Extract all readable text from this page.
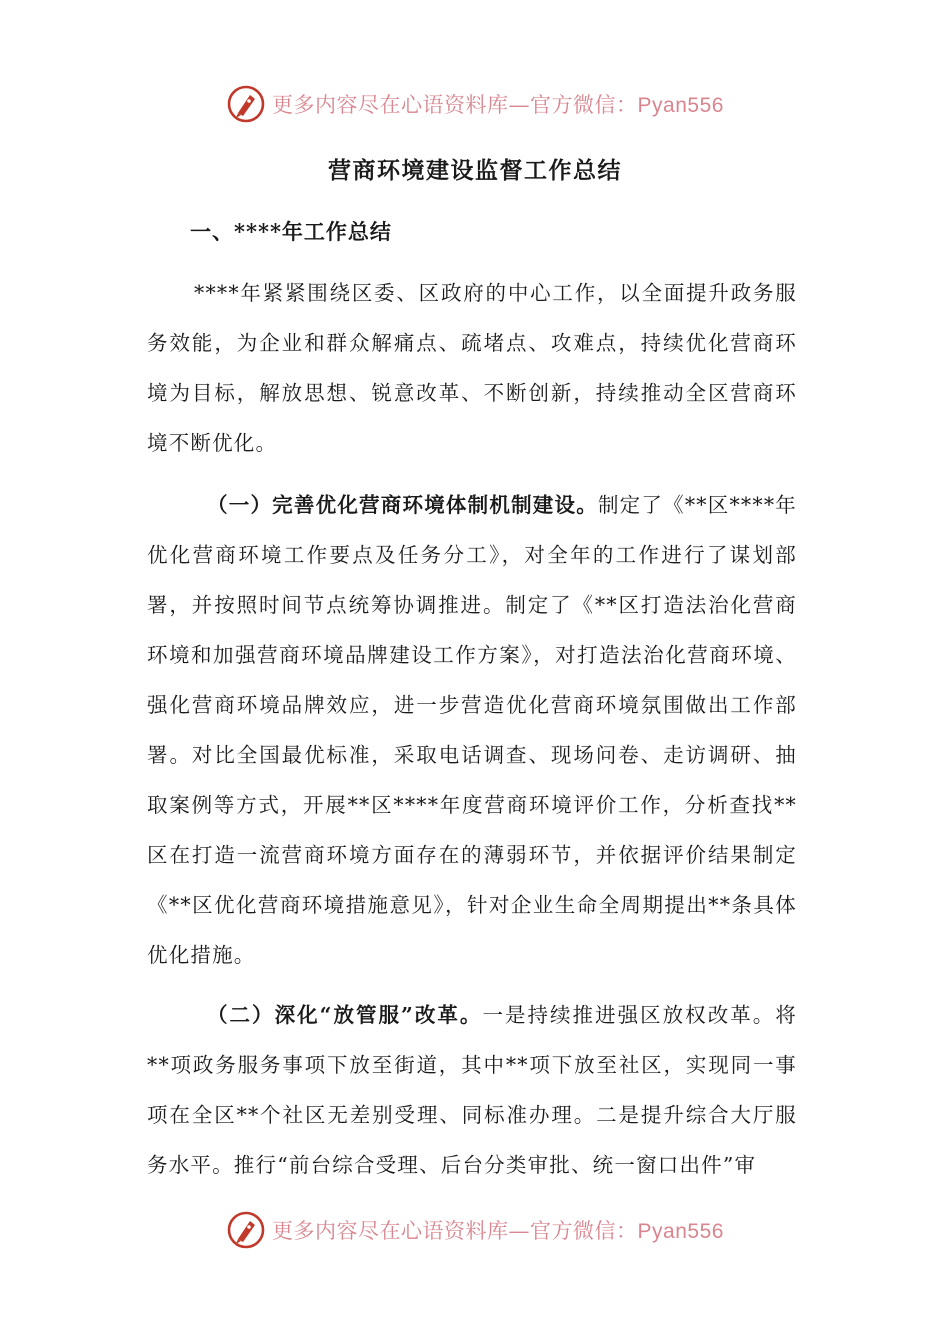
更多内容尽在心语资料库—官方微信：Pyan556
营商环境建设监督工作总结
一、****年工作总结

****年紧紧围绕区委、区政府的中心工作，以全面提升政务服务效能，为企业和群众解痛点、疏堵点、攻难点，持续优化营商环境为目标，解放思想、锐意改革、不断创新，持续推动全区营商环境不断优化。

（一）完善优化营商环境体制机制建设。制定了《**区****年优化营商环境工作要点及任务分工》，对全年的工作进行了谋划部署，并按照时间节点统筹协调推进。制定了《**区打造法治化营商环境和加强营商环境品牌建设工作方案》，对打造法治化营商环境、强化营商环境品牌效应，进一步营造优化营商环境氛围做出工作部署。对比全国最优标准，采取电话调查、现场问卷、走访调研、抽取案例等方式，开展**区****年度营商环境评价工作，分析查找**区在打造一流营商环境方面存在的薄弱环节，并依据评价结果制定《**区优化营商环境措施意见》，针对企业生命全周期提出**条具体优化措施。

（二）深化“放管服”改革。一是持续推进强区放权改革。将**项政务服务事项下放至街道，其中**项下放至社区，实现同一事项在全区**个社区无差别受理、同标准办理。二是提升综合大厅服务水平。推行“前台综合受理、后台分类审批、统一窗口出件”审

更多内容尽在心语资料库—官方微信：Pyan556
